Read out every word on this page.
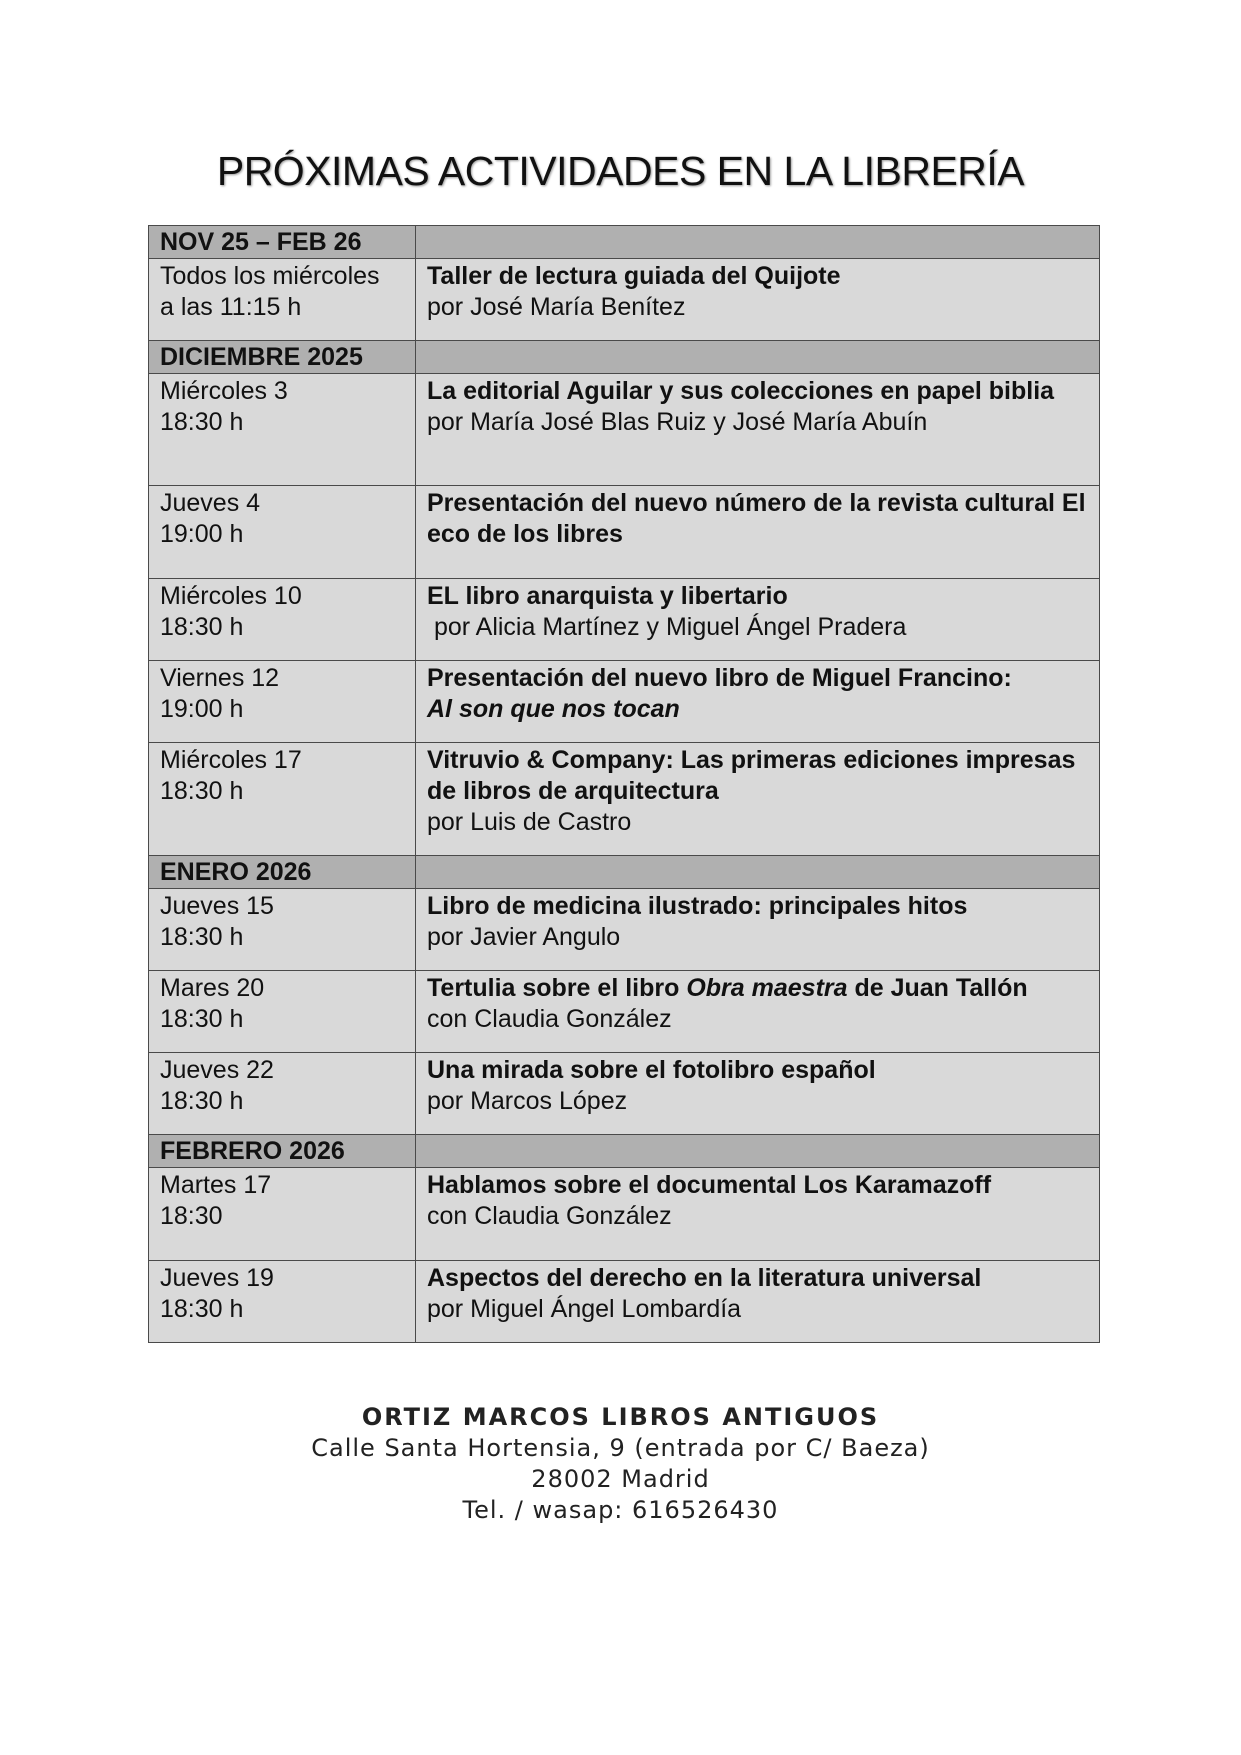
PRÓXIMAS ACTIVIDADES EN LA LIBRERÍA
NOV 25 – FEB 26	

Todos los miércoles
a las 11:15 h	Taller de lectura guiada del Quijote
por José María Benítez

DICIEMBRE 2025	

Miércoles 3
18:30 h	La editorial Aguilar y sus colecciones en papel biblia
por María José Blas Ruiz y José María Abuín

Jueves 4
19:00 h	Presentación del nuevo número de la revista cultural El eco de los libres

Miércoles 10
18:30 h	EL libro anarquista y libertario
por Alicia Martínez y Miguel Ángel Pradera

Viernes 12
19:00 h	Presentación del nuevo libro de Miguel Francino:
Al son que nos tocan

Miércoles 17
18:30 h	Vitruvio & Company: Las primeras ediciones impresas de libros de arquitectura
por Luis de Castro

ENERO 2026	

Jueves 15
18:30 h	Libro de medicina ilustrado: principales hitos
por Javier Angulo

Mares 20
18:30 h	Tertulia sobre el libro Obra maestra de Juan Tallón
con Claudia González

Jueves 22
18:30 h	Una mirada sobre el fotolibro español
por Marcos López

FEBRERO 2026	

Martes 17
18:30	Hablamos sobre el documental Los Karamazoff
con Claudia González

Jueves 19
18:30 h	Aspectos del derecho en la literatura universal
por Miguel Ángel Lombardía
ORTIZ MARCOS LIBROS ANTIGUOS
Calle Santa Hortensia, 9 (entrada por C/ Baeza)
28002 Madrid
Tel. / wasap: 616526430
